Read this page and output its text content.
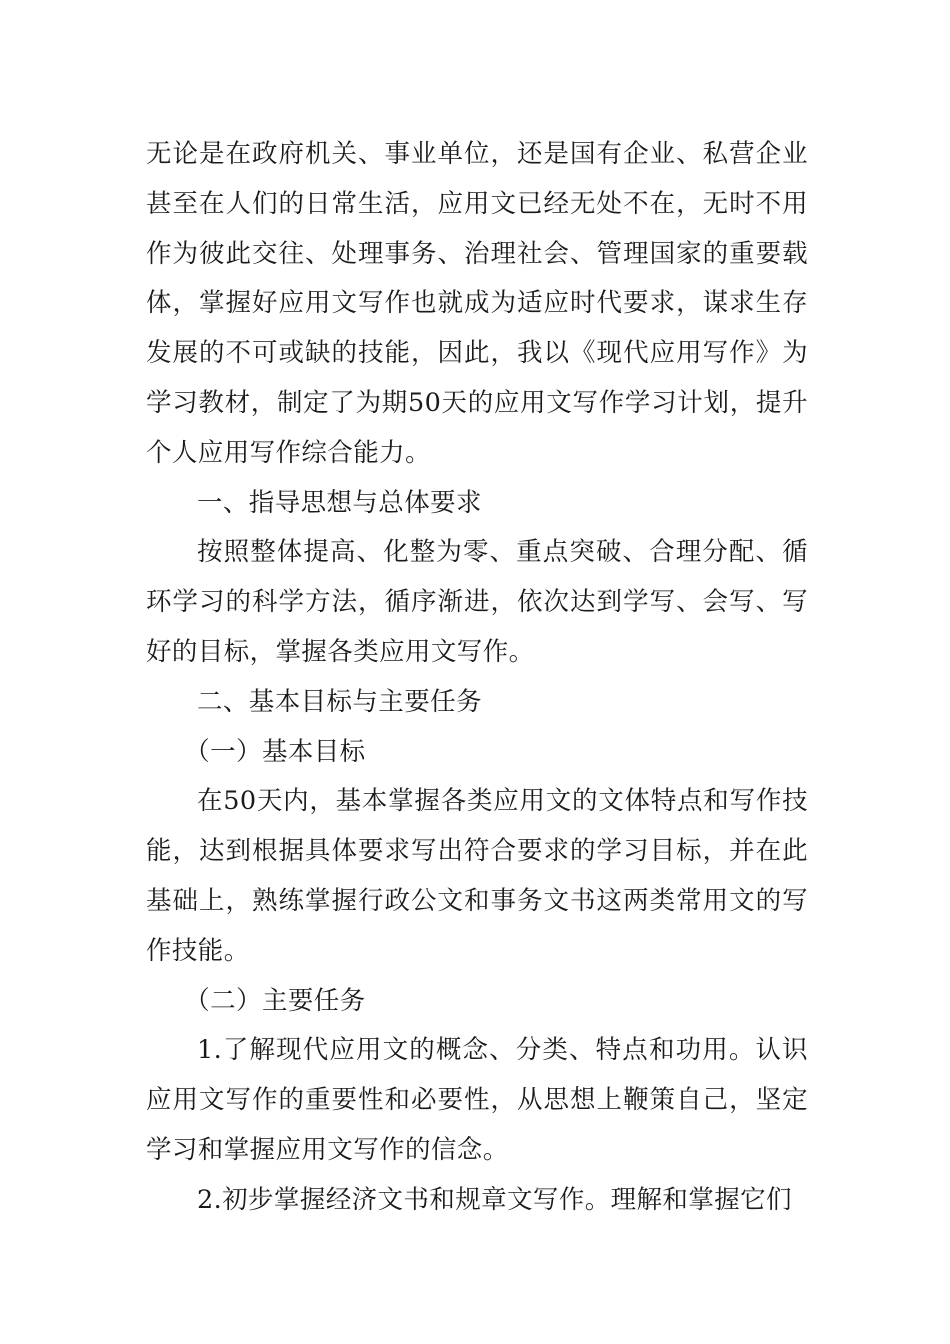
无论是在政府机关、事业单位，还是国有企业、私营企业甚至在人们的日常生活，应用文已经无处不在，无时不用作为彼此交往、处理事务、治理社会、管理国家的重要载体，掌握好应用文写作也就成为适应时代要求，谋求生存发展的不可或缺的技能，因此，我以《现代应用写作》为学习教材，制定了为期50天的应用文写作学习计划，提升个人应用写作综合能力。

一、指导思想与总体要求

按照整体提高、化整为零、重点突破、合理分配、循环学习的科学方法，循序渐进，依次达到学写、会写、写好的目标，掌握各类应用文写作。

二、基本目标与主要任务

（一）基本目标

在50天内，基本掌握各类应用文的文体特点和写作技能，达到根据具体要求写出符合要求的学习目标，并在此基础上，熟练掌握行政公文和事务文书这两类常用文的写作技能。

（二）主要任务

1.了解现代应用文的概念、分类、特点和功用。认识应用文写作的重要性和必要性，从思想上鞭策自己，坚定学习和掌握应用文写作的信念。

2.初步掌握经济文书和规章文写作。理解和掌握它们
